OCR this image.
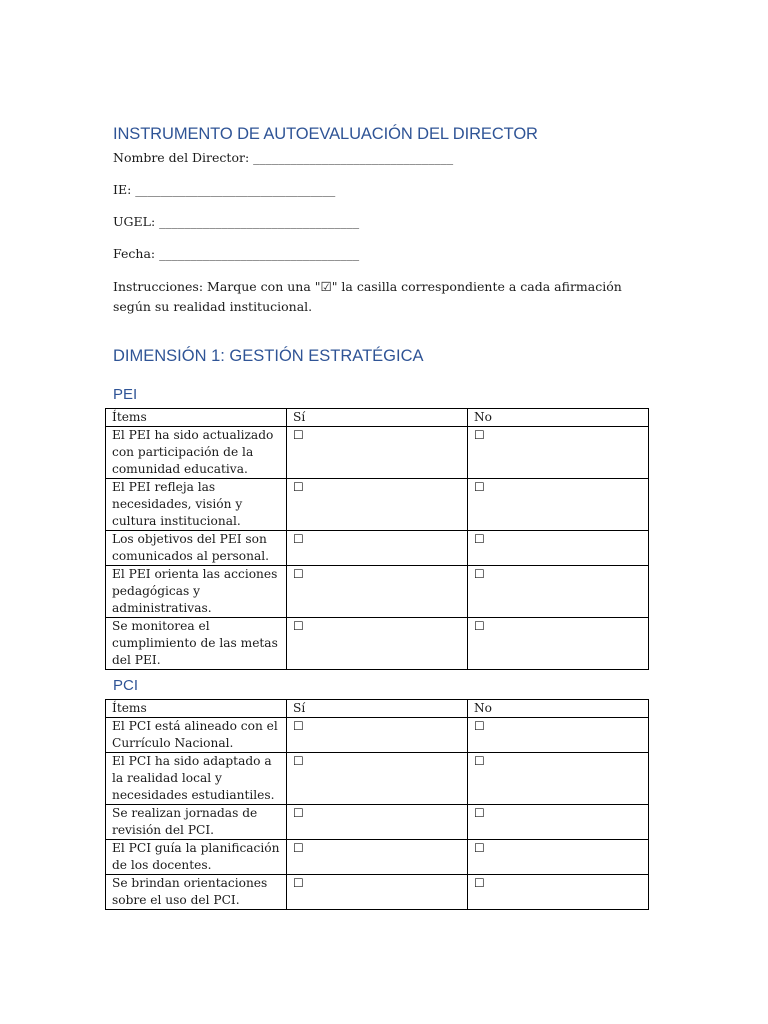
INSTRUMENTO DE AUTOEVALUACIÓN DEL DIRECTOR

Nombre del Director: ________________________________

IE: ________________________________

UGEL: ________________________________

Fecha: ________________________________

Instrucciones: Marque con una "☑" la casilla correspondiente a cada afirmación según su realidad institucional.

DIMENSIÓN 1: GESTIÓN ESTRATÉGICA
PEI
Ítems	Sí	No
El PEI ha sido actualizado con participación de la comunidad educativa.	☐	☐
El PEI refleja las necesidades, visión y cultura institucional.	☐	☐
Los objetivos del PEI son comunicados al personal.	☐	☐
El PEI orienta las acciones pedagógicas y administrativas.	☐	☐
Se monitorea el cumplimiento de las metas del PEI.	☐	☐
PCI
Ítems	Sí	No
El PCI está alineado con el Currículo Nacional.	☐	☐
El PCI ha sido adaptado a la realidad local y necesidades estudiantiles.	☐	☐
Se realizan jornadas de revisión del PCI.	☐	☐
El PCI guía la planificación de los docentes.	☐	☐
Se brindan orientaciones sobre el uso del PCI.	☐	☐
